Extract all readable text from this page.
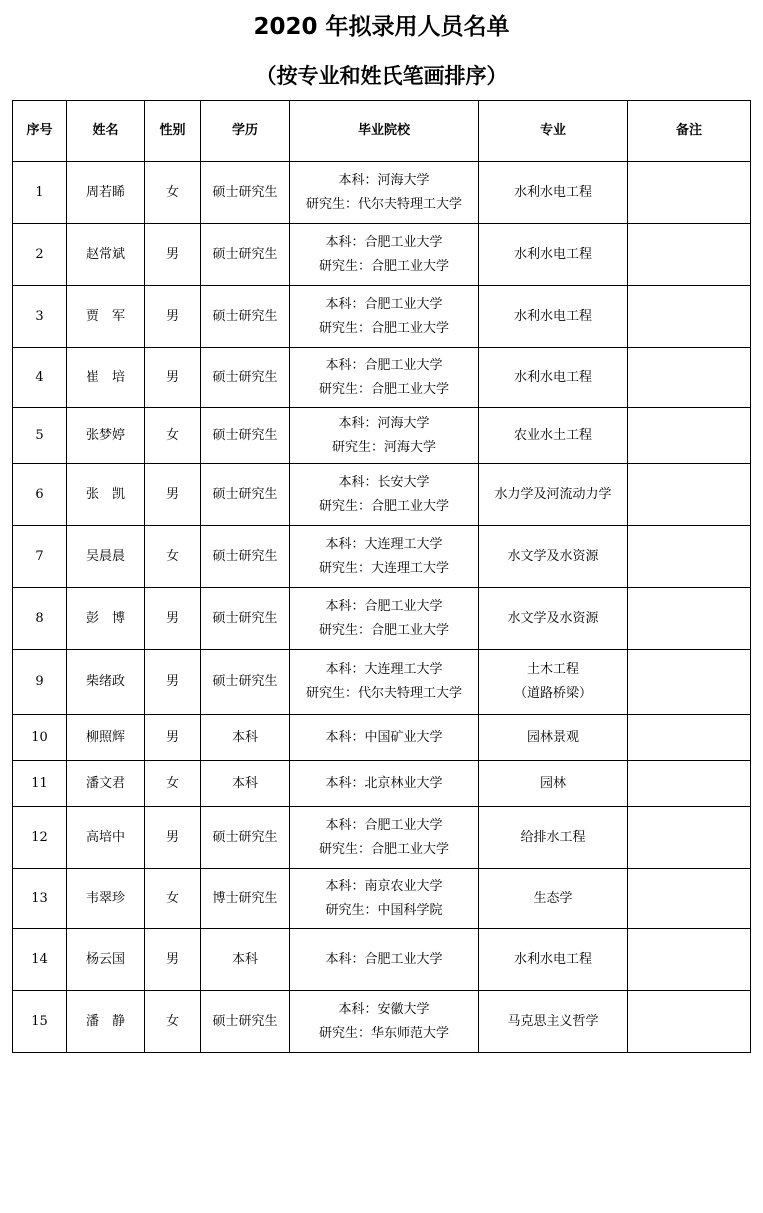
2020 年拟录用人员名单
（按专业和姓氏笔画排序）
序号	姓名	性别	学历	毕业院校	专业	备注
1	周若睎	女	硕士研究生	本科：河海大学
研究生：代尔夫特理工大学	水利水电工程	

2	赵常斌	男	硕士研究生	本科：合肥工业大学
研究生：合肥工业大学	水利水电工程	

3	贾　军	男	硕士研究生	本科：合肥工业大学
研究生：合肥工业大学	水利水电工程	

4	崔　培	男	硕士研究生	本科：合肥工业大学
研究生：合肥工业大学	水利水电工程	

5	张梦婷	女	硕士研究生	本科：河海大学
研究生：河海大学	农业水土工程	

6	张　凯	男	硕士研究生	本科：长安大学
研究生：合肥工业大学	水力学及河流动力学	

7	吴晨晨	女	硕士研究生	本科：大连理工大学
研究生：大连理工大学	水文学及水资源	

8	彭　博	男	硕士研究生	本科：合肥工业大学
研究生：合肥工业大学	水文学及水资源	

9	柴绪政	男	硕士研究生	本科：大连理工大学
研究生：代尔夫特理工大学	土木工程
（道路桥梁）	

10	柳照辉	男	本科	本科：中国矿业大学	园林景观	

11	潘文君	女	本科	本科：北京林业大学	园林	

12	高培中	男	硕士研究生	本科：合肥工业大学
研究生：合肥工业大学	给排水工程	

13	韦翠珍	女	博士研究生	本科：南京农业大学
研究生：中国科学院	生态学	

14	杨云国	男	本科	本科：合肥工业大学	水利水电工程	

15	潘　静	女	硕士研究生	本科：安徽大学
研究生：华东师范大学	马克思主义哲学	
